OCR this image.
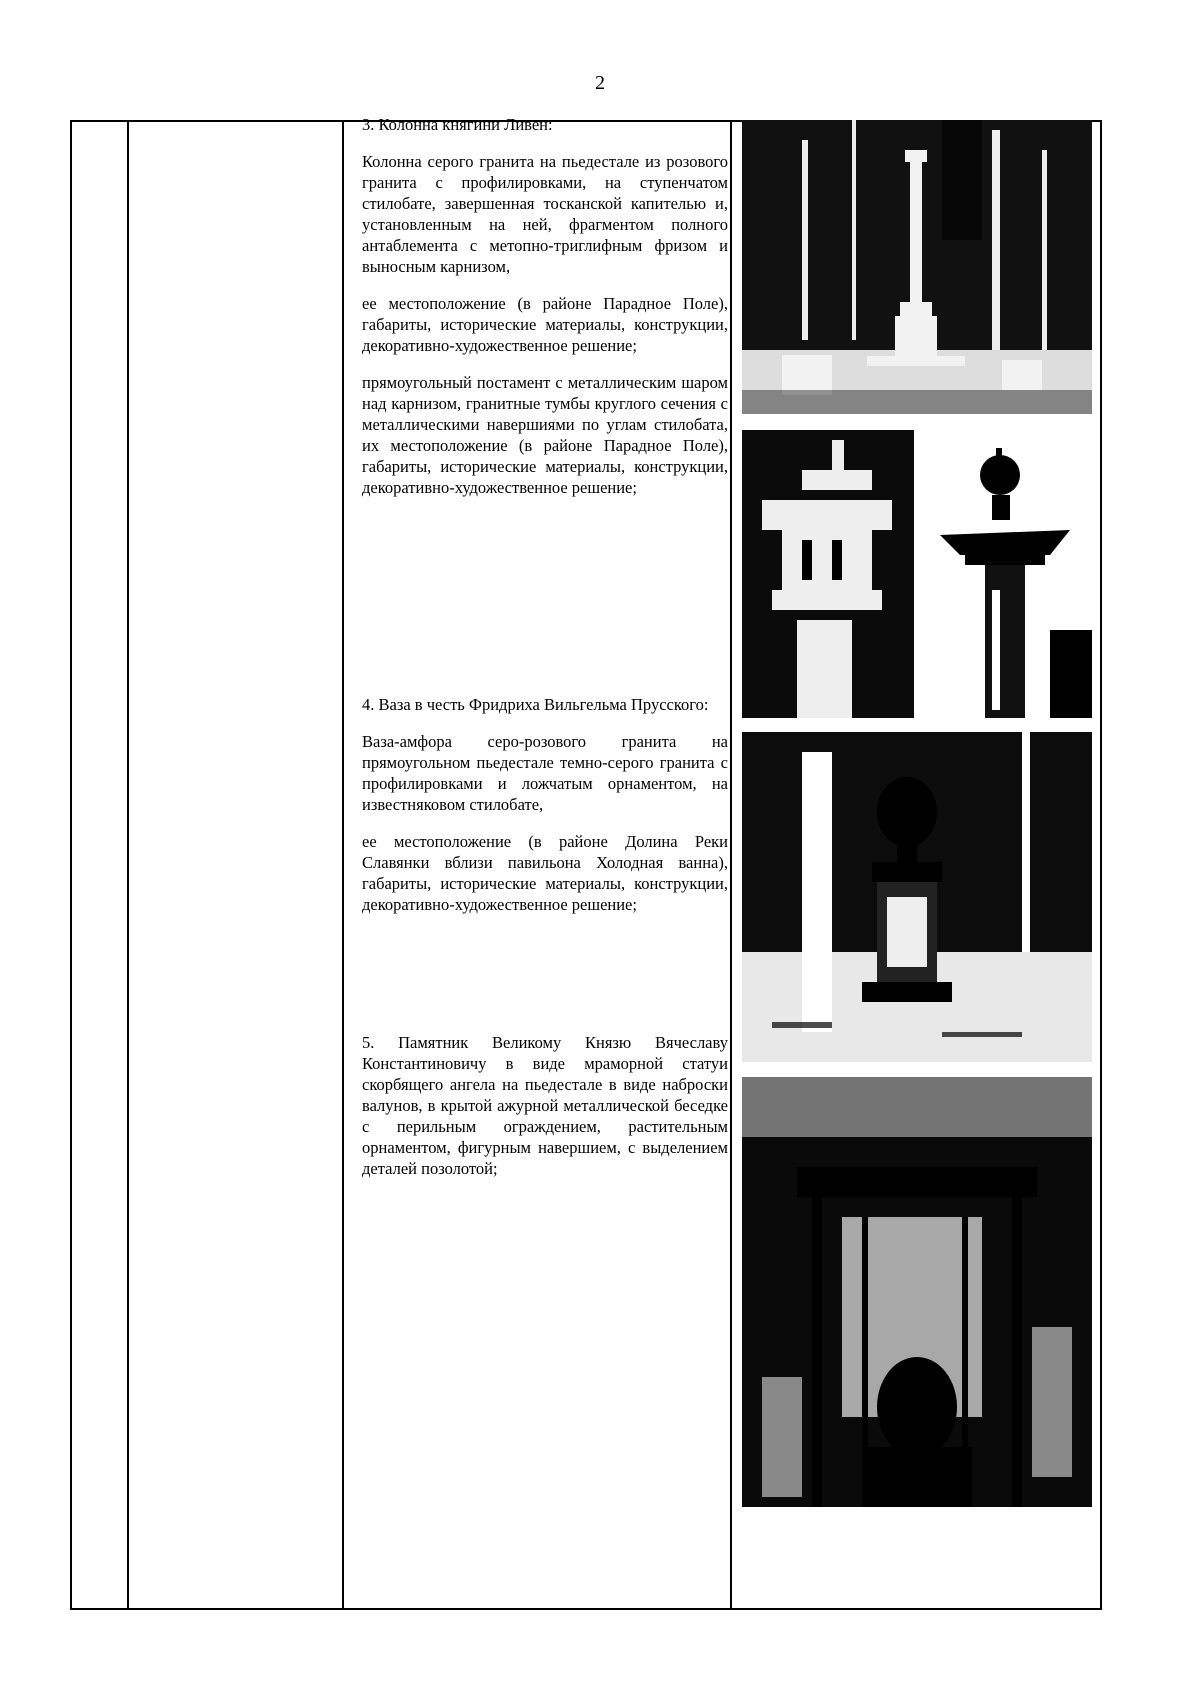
2

3. Колонна княгини Ливен:

Колонна серого гранита на пьедестале из розового гранита с профилировками, на ступенчатом стилобате, завершенная тосканской капителью и, установленным на ней, фрагментом полного антаблемента с метопно-триглифным фризом и выносным карнизом,

ее местоположение (в районе Парадное Поле), габариты, исторические материалы, конструкции, декоративно-художественное решение;

прямоугольный постамент с металлическим шаром над карнизом, гранитные тумбы круглого сечения с металлическими навершиями по углам стилобата, их местоположение (в районе Парадное Поле), габариты, исторические материалы, конструкции, декоративно-художественное решение;

4. Ваза в честь Фридриха Вильгельма Прусского:

Ваза-амфора серо-розового гранита на прямоугольном пьедестале темно-серого гранита с профилировками и ложчатым орнаментом, на известняковом стилобате,

ее местоположение (в районе Долина Реки Славянки вблизи павильона Холодная ванна), габариты, исторические материалы, конструкции, декоративно-художественное решение;

5. Памятник Великому Князю Вячеславу Константиновичу в виде мраморной статуи скорбящего ангела на пьедестале в виде наброски валунов, в крытой ажурной металлической беседке с перильным ограждением, растительным орнаментом, фигурным навершием, с выделением деталей позолотой;
